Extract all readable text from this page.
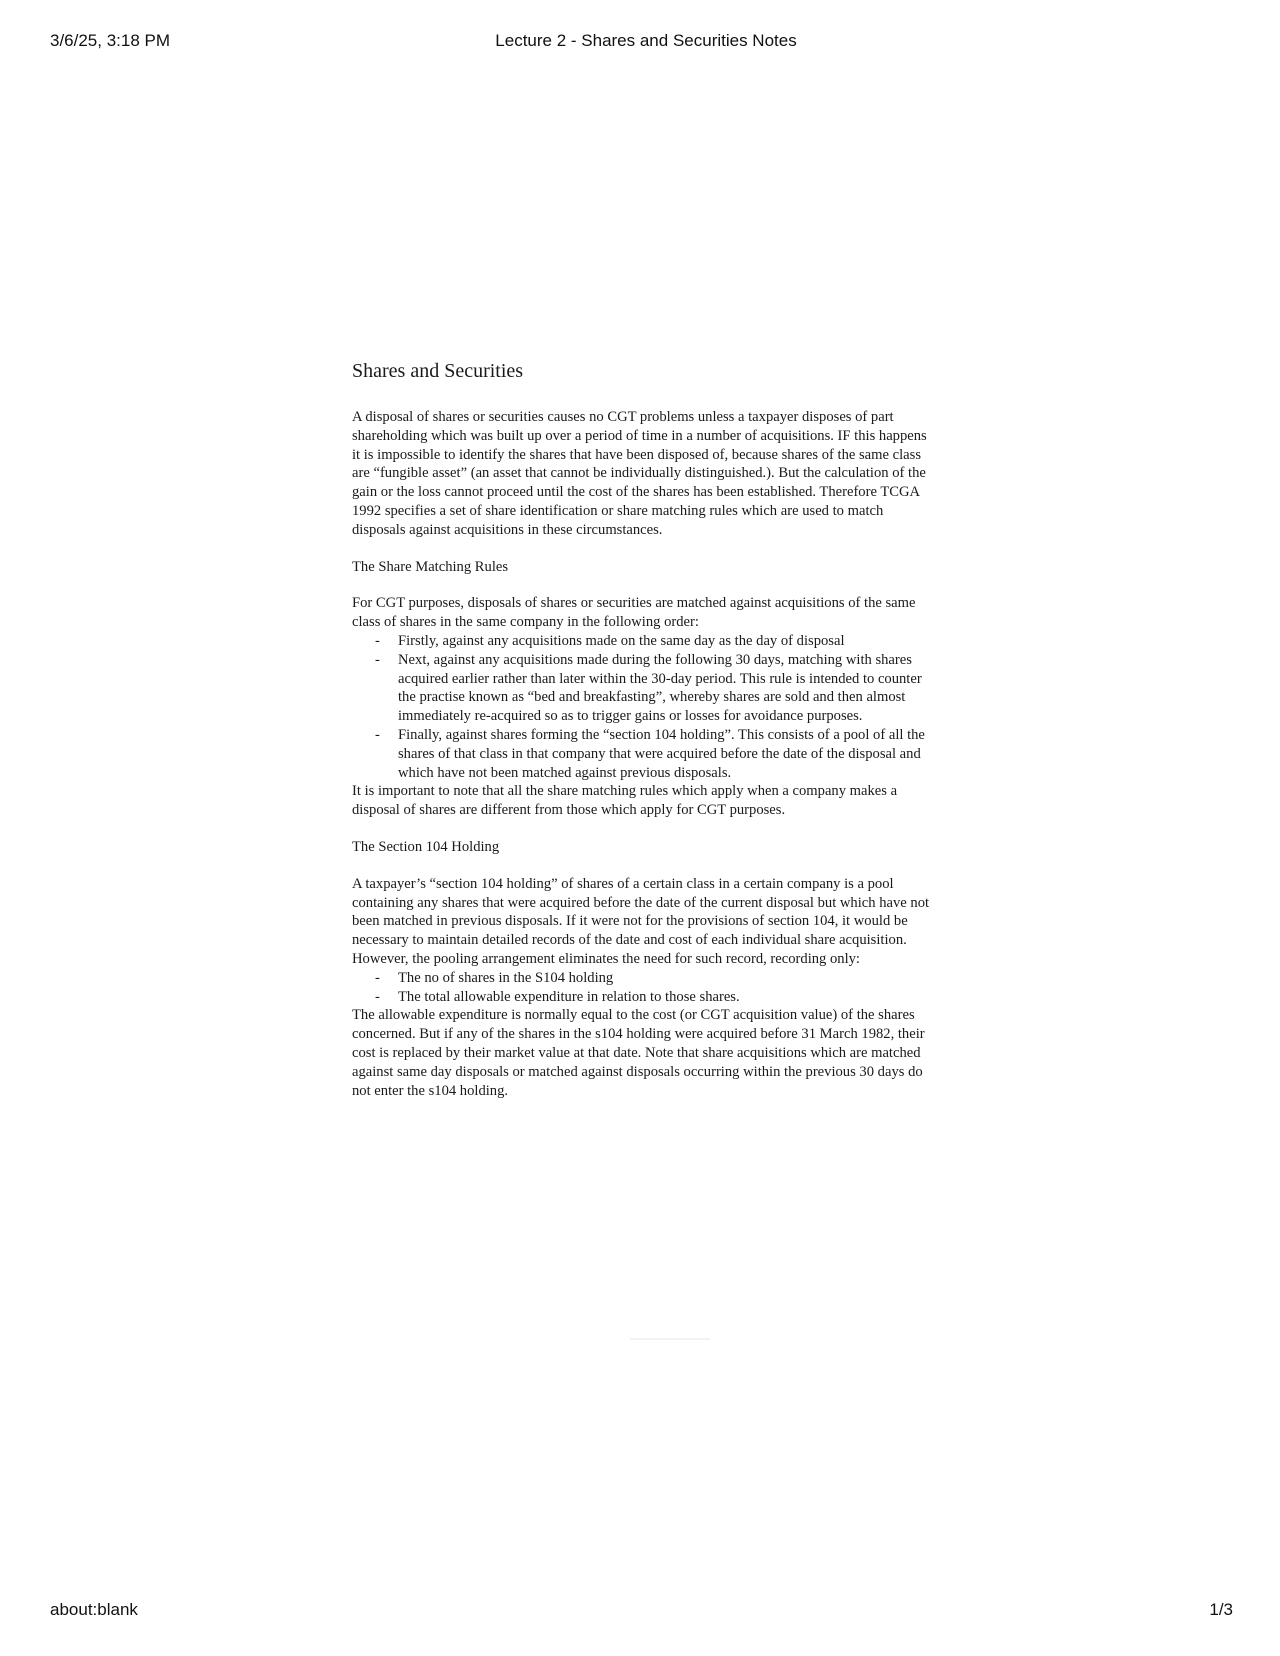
3/6/25, 3:18 PM	Lecture 2 - Shares and Securities Notes
Shares and Securities

A disposal of shares or securities causes no CGT problems unless a taxpayer disposes of part shareholding which was built up over a period of time in a number of acquisitions. IF this happens it is impossible to identify the shares that have been disposed of, because shares of the same class are “fungible asset” (an asset that cannot be individually distinguished.). But the calculation of the gain or the loss cannot proceed until the cost of the shares has been established. Therefore TCGA 1992 specifies a set of share identification or share matching rules which are used to match disposals against acquisitions in these circumstances.

The Share Matching Rules

For CGT purposes, disposals of shares or securities are matched against acquisitions of the same class of shares in the same company in the following order:

- Firstly, against any acquisitions made on the same day as the day of disposal
- Next, against any acquisitions made during the following 30 days, matching with shares acquired earlier rather than later within the 30-day period. This rule is intended to counter the practise known as “bed and breakfasting”, whereby shares are sold and then almost immediately re-acquired so as to trigger gains or losses for avoidance purposes.
- Finally, against shares forming the “section 104 holding”. This consists of a pool of all the shares of that class in that company that were acquired before the date of the disposal and which have not been matched against previous disposals.

It is important to note that all the share matching rules which apply when a company makes a disposal of shares are different from those which apply for CGT purposes.

The Section 104 Holding

A taxpayer’s “section 104 holding” of shares of a certain class in a certain company is a pool containing any shares that were acquired before the date of the current disposal but which have not been matched in previous disposals. If it were not for the provisions of section 104, it would be necessary to maintain detailed records of the date and cost of each individual share acquisition. However, the pooling arrangement eliminates the need for such record, recording only:

- The no of shares in the S104 holding
- The total allowable expenditure in relation to those shares.

The allowable expenditure is normally equal to the cost (or CGT acquisition value) of the shares concerned. But if any of the shares in the s104 holding were acquired before 31 March 1982, their cost is replaced by their market value at that date. Note that share acquisitions which are matched against same day disposals or matched against disposals occurring within the previous 30 days do not enter the s104 holding.

about:blank	1/3
